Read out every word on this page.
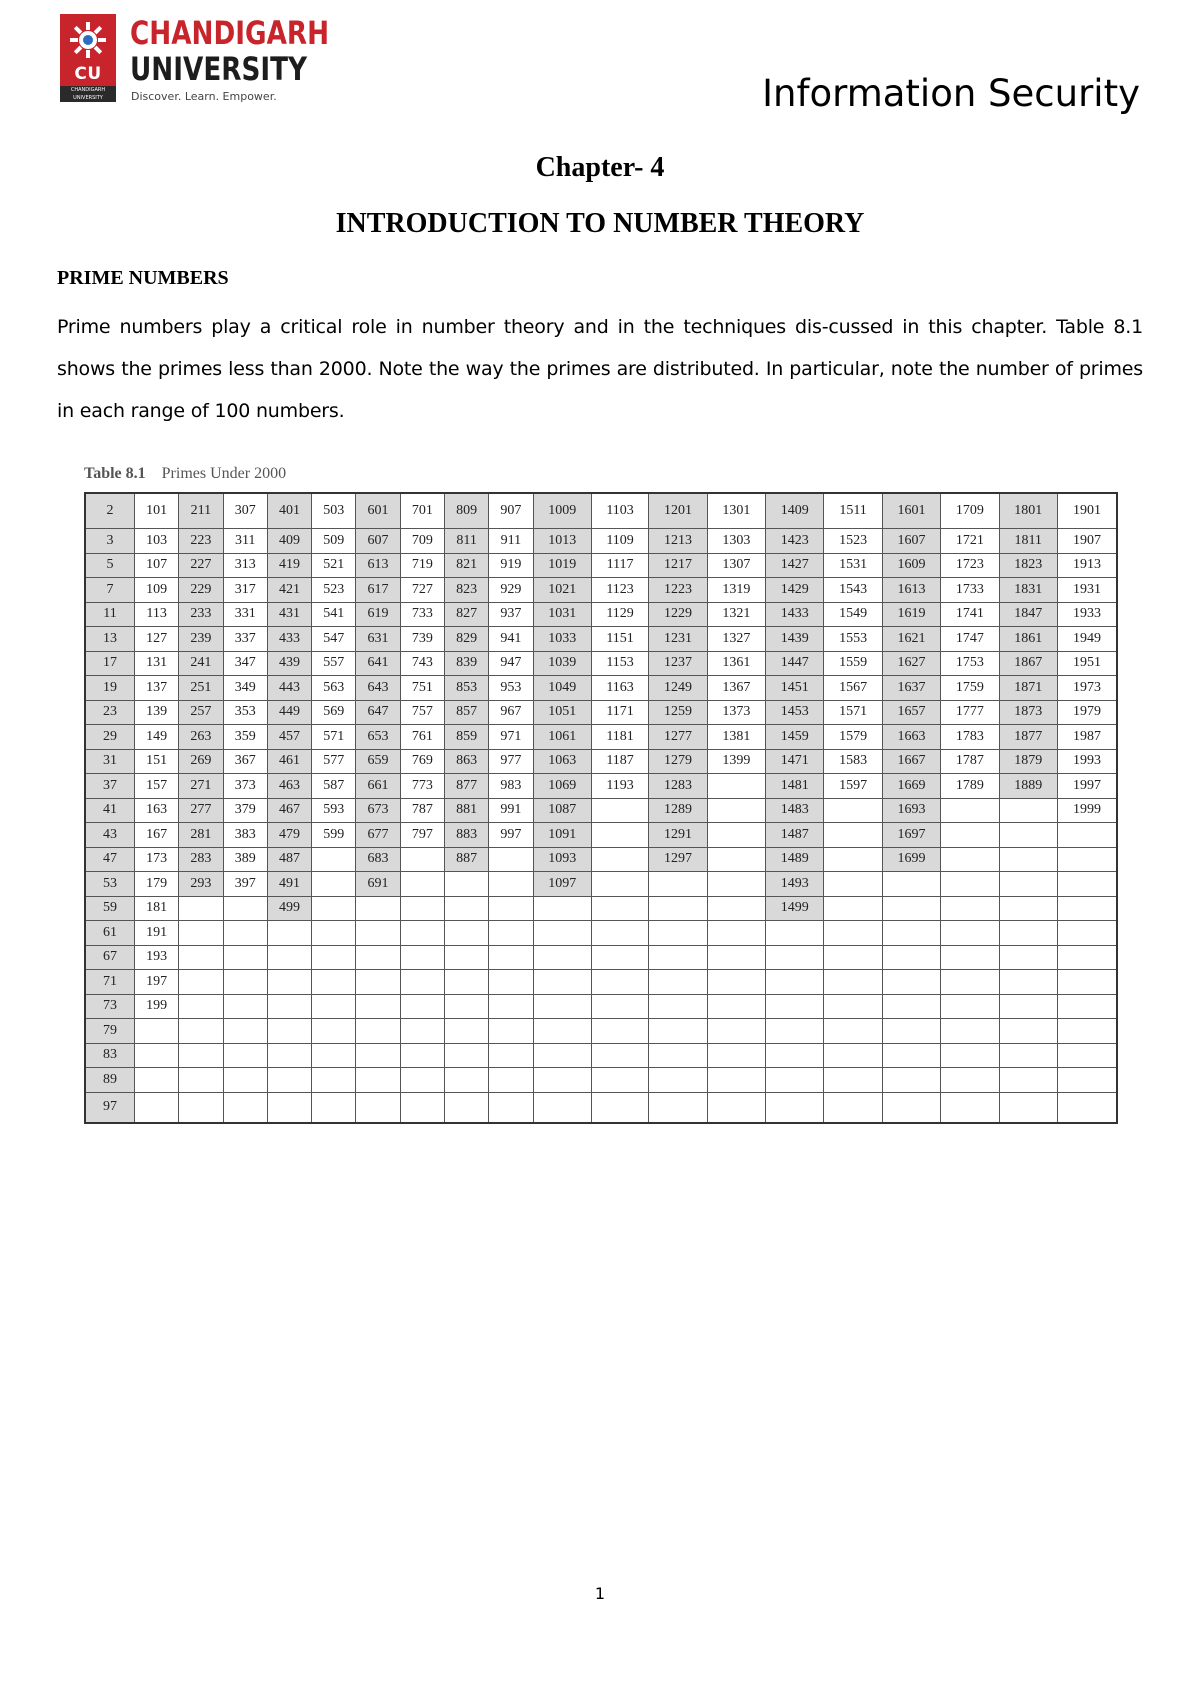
CU
CHANDIGARH UNIVERSITY
CHANDIGARH
UNIVERSITY
Discover. Learn. Empower.	Information Security
Chapter- 4
INTRODUCTION TO NUMBER THEORY
PRIME NUMBERS
Prime numbers play a critical role in number theory and in the techniques dis-cussed in this chapter. Table 8.1 shows the primes less than 2000. Note the way the primes are distributed. In particular, note the number of primes in each range of 100 numbers.
Table 8.1 Primes Under 2000
2	101	211	307	401	503	601	701	809	907	1009	1103	1201	1301	1409	1511	1601	1709	1801	1901
3	103	223	311	409	509	607	709	811	911	1013	1109	1213	1303	1423	1523	1607	1721	1811	1907
5	107	227	313	419	521	613	719	821	919	1019	1117	1217	1307	1427	1531	1609	1723	1823	1913
7	109	229	317	421	523	617	727	823	929	1021	1123	1223	1319	1429	1543	1613	1733	1831	1931
11	113	233	331	431	541	619	733	827	937	1031	1129	1229	1321	1433	1549	1619	1741	1847	1933
13	127	239	337	433	547	631	739	829	941	1033	1151	1231	1327	1439	1553	1621	1747	1861	1949
17	131	241	347	439	557	641	743	839	947	1039	1153	1237	1361	1447	1559	1627	1753	1867	1951
19	137	251	349	443	563	643	751	853	953	1049	1163	1249	1367	1451	1567	1637	1759	1871	1973
23	139	257	353	449	569	647	757	857	967	1051	1171	1259	1373	1453	1571	1657	1777	1873	1979
29	149	263	359	457	571	653	761	859	971	1061	1181	1277	1381	1459	1579	1663	1783	1877	1987
31	151	269	367	461	577	659	769	863	977	1063	1187	1279	1399	1471	1583	1667	1787	1879	1993
37	157	271	373	463	587	661	773	877	983	1069	1193	1283		1481	1597	1669	1789	1889	1997
41	163	277	379	467	593	673	787	881	991	1087		1289		1483		1693			1999
43	167	281	383	479	599	677	797	883	997	1091		1291		1487		1697			
47	173	283	389	487		683		887		1093		1297		1489		1699			
53	179	293	397	491		691				1097				1493					
59	181			499										1499					
61	191																		
67	193																		
71	197																		
73	199																		
79																			
83																			
89																			
97																			
1
